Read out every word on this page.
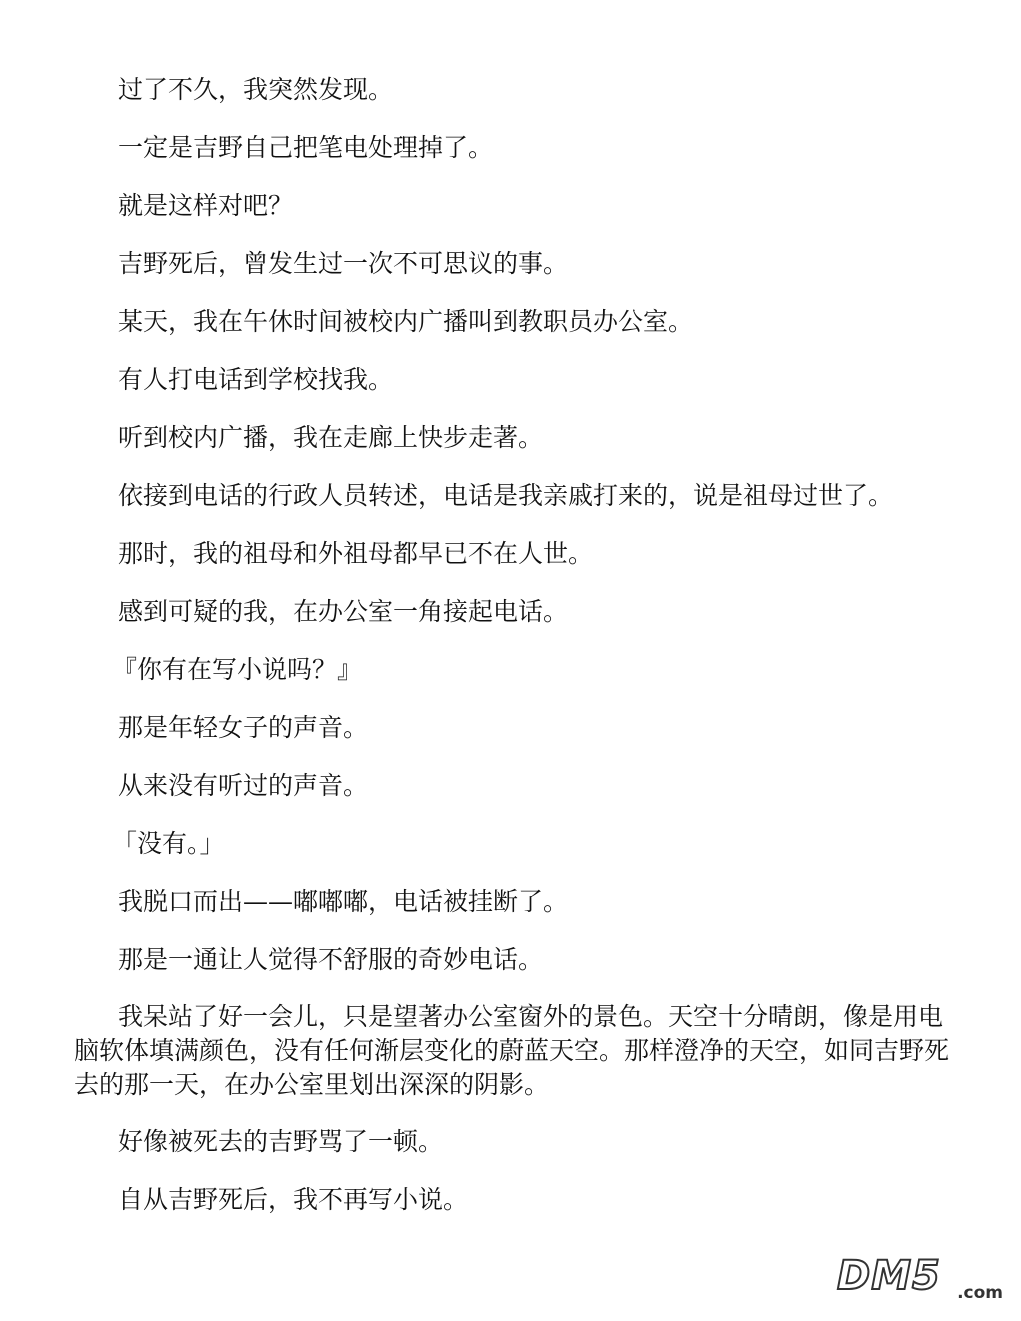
过了不久，我突然发现。

一定是吉野自己把笔电处理掉了。

就是这样对吧？

吉野死后，曾发生过一次不可思议的事。

某天，我在午休时间被校内广播叫到教职员办公室。

有人打电话到学校找我。

听到校内广播，我在走廊上快步走著。

依接到电话的行政人员转述，电话是我亲戚打来的，说是祖母过世了。

那时，我的祖母和外祖母都早已不在人世。

感到可疑的我，在办公室一角接起电话。

『你有在写小说吗？』

那是年轻女子的声音。

从来没有听过的声音。

「没有。」

我脱口而出——嘟嘟嘟，电话被挂断了。

那是一通让人觉得不舒服的奇妙电话。

我呆站了好一会儿，只是望著办公室窗外的景色。天空十分晴朗，像是用电脑软体填满颜色，没有任何渐层变化的蔚蓝天空。那样澄净的天空，如同吉野死去的那一天，在办公室里划出深深的阴影。

好像被死去的吉野骂了一顿。

自从吉野死后，我不再写小说。

DM5 .com
